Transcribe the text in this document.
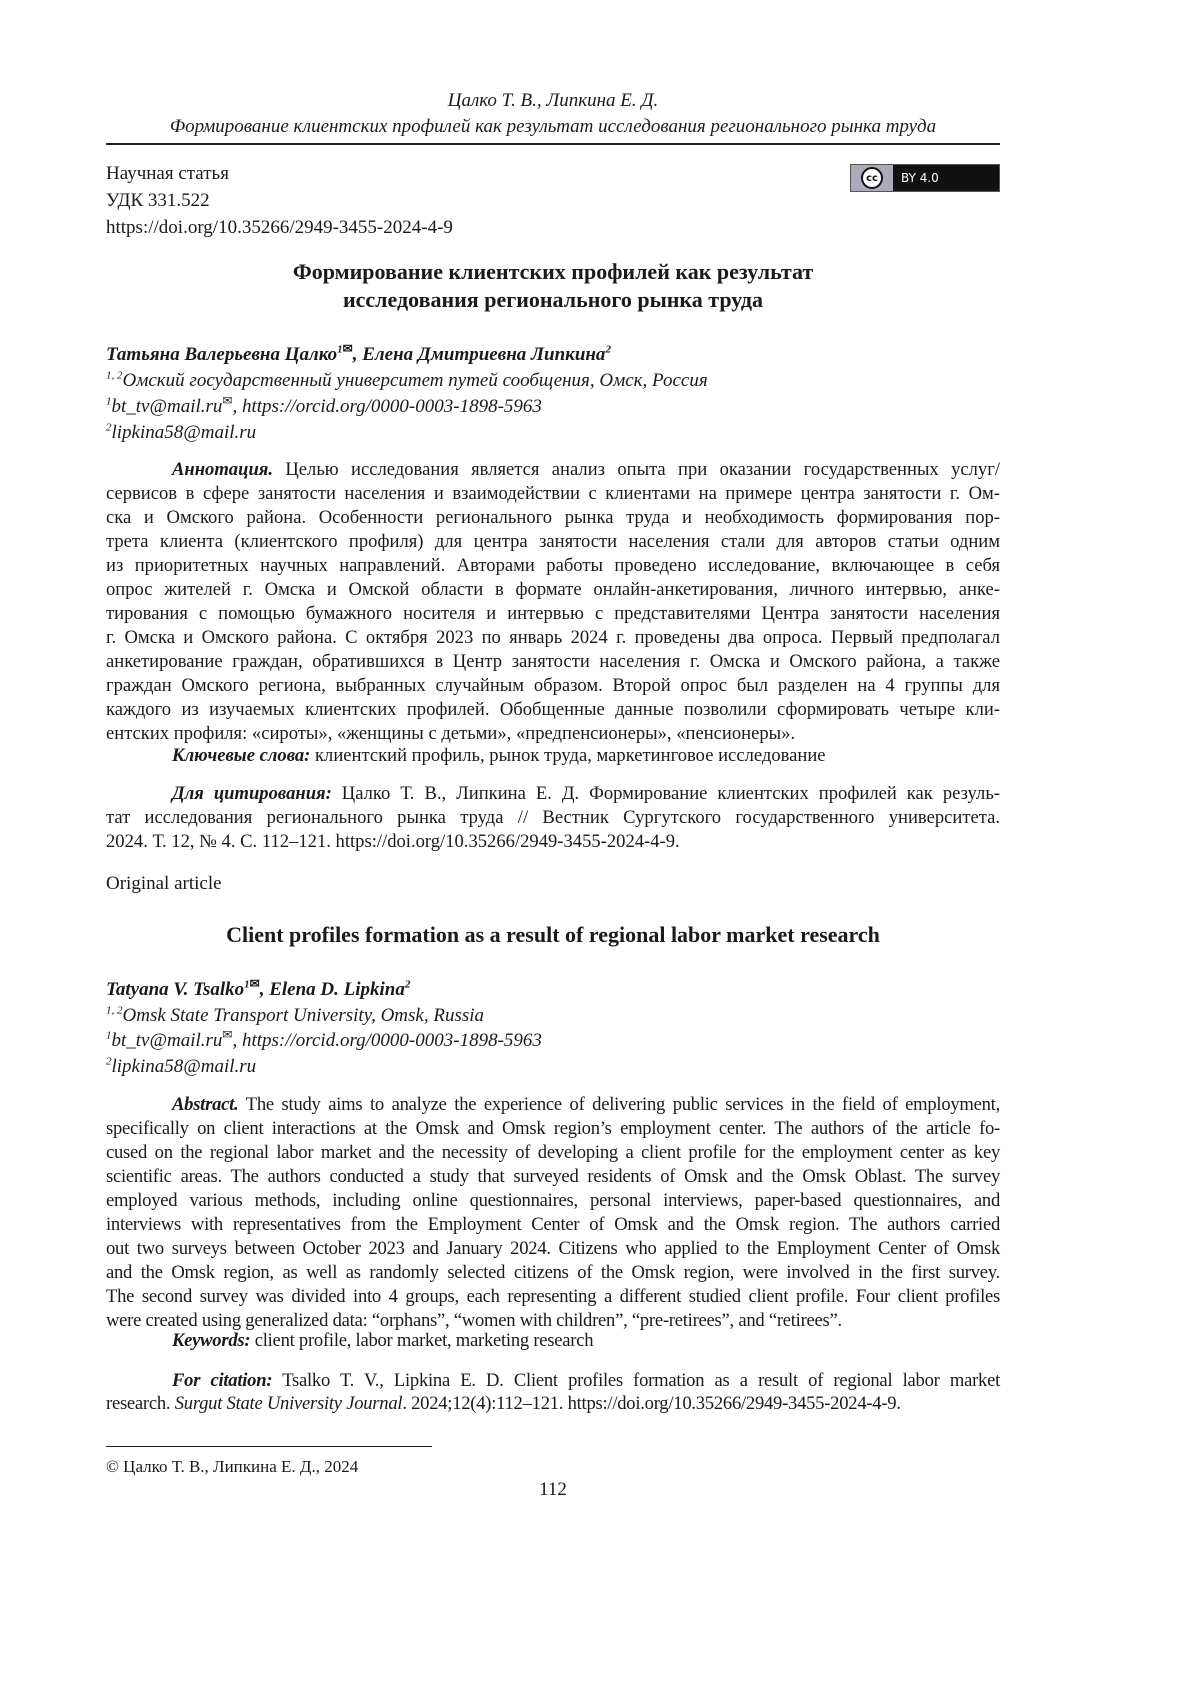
Цалко Т. В., Липкина Е. Д.
Формирование клиентских профилей как результат исследования регионального рынка труда
Научная статья
УДК 331.522
https://doi.org/10.35266/2949-3455-2024-4-9
cc	BY 4.0
Формирование клиентских профилей как результат
исследования регионального рынка труда
Татьяна Валерьевна Цалко1✉, Елена Дмитриевна Липкина2
1, 2Омский государственный университет путей сообщения, Омск, Россия
1bt_tv@mail.ru✉, https://orcid.org/0000-0003-1898-5963
2lipkina58@mail.ru
Аннотация. Целью исследования является анализ опыта при оказании государственных услуг/
сервисов в сфере занятости населения и взаимодействии с клиентами на примере центра занятости г. Ом-
ска и Омского района. Особенности регионального рынка труда и необходимость формирования пор-
трета клиента (клиентского профиля) для центра занятости населения стали для авторов статьи одним
из приоритетных научных направлений. Авторами работы проведено исследование, включающее в себя
опрос жителей г. Омска и Омской области в формате онлайн-анкетирования, личного интервью, анке-
тирования с помощью бумажного носителя и интервью с представителями Центра занятости населения
г. Омска и Омского района. С октября 2023 по январь 2024 г. проведены два опроса. Первый предполагал
анкетирование граждан, обратившихся в Центр занятости населения г. Омска и Омского района, а также
граждан Омского региона, выбранных случайным образом. Второй опрос был разделен на 4 группы для
каждого из изучаемых клиентских профилей. Обобщенные данные позволили сформировать четыре кли-
ентских профиля: «сироты», «женщины с детьми», «предпенсионеры», «пенсионеры».
Ключевые слова: клиентский профиль, рынок труда, маркетинговое исследование
Для цитирования: Цалко Т. В., Липкина Е. Д. Формирование клиентских профилей как резуль-
тат исследования регионального рынка труда // Вестник Сургутского государственного университета.
2024. Т. 12, № 4. С. 112–121. https://doi.org/10.35266/2949-3455-2024-4-9.
Original article
Client profiles formation as a result of regional labor market research
Tatyana V. Tsalko1✉, Elena D. Lipkina2
1, 2Omsk State Transport University, Omsk, Russia
1bt_tv@mail.ru✉, https://orcid.org/0000-0003-1898-5963
2lipkina58@mail.ru
Abstract. The study aims to analyze the experience of delivering public services in the field of employment,
specifically on client interactions at the Omsk and Omsk region’s employment center. The authors of the article fo-
cused on the regional labor market and the necessity of developing a client profile for the employment center as key
scientific areas. The authors conducted a study that surveyed residents of Omsk and the Omsk Oblast. The survey
employed various methods, including online questionnaires, personal interviews, paper-based questionnaires, and
interviews with representatives from the Employment Center of Omsk and the Omsk region. The authors carried
out two surveys between October 2023 and January 2024. Citizens who applied to the Employment Center of Omsk
and the Omsk region, as well as randomly selected citizens of the Omsk region, were involved in the first survey.
The second survey was divided into 4 groups, each representing a different studied client profile. Four client profiles
were created using generalized data: “orphans”, “women with children”, “pre-retirees”, and “retirees”.
Keywords: client profile, labor market, marketing research
For citation: Tsalko T. V., Lipkina E. D. Client profiles formation as a result of regional labor market
research. Surgut State University Journal. 2024;12(4):112–121. https://doi.org/10.35266/2949-3455-2024-4-9.
© Цалко Т. В., Липкина Е. Д., 2024
112
